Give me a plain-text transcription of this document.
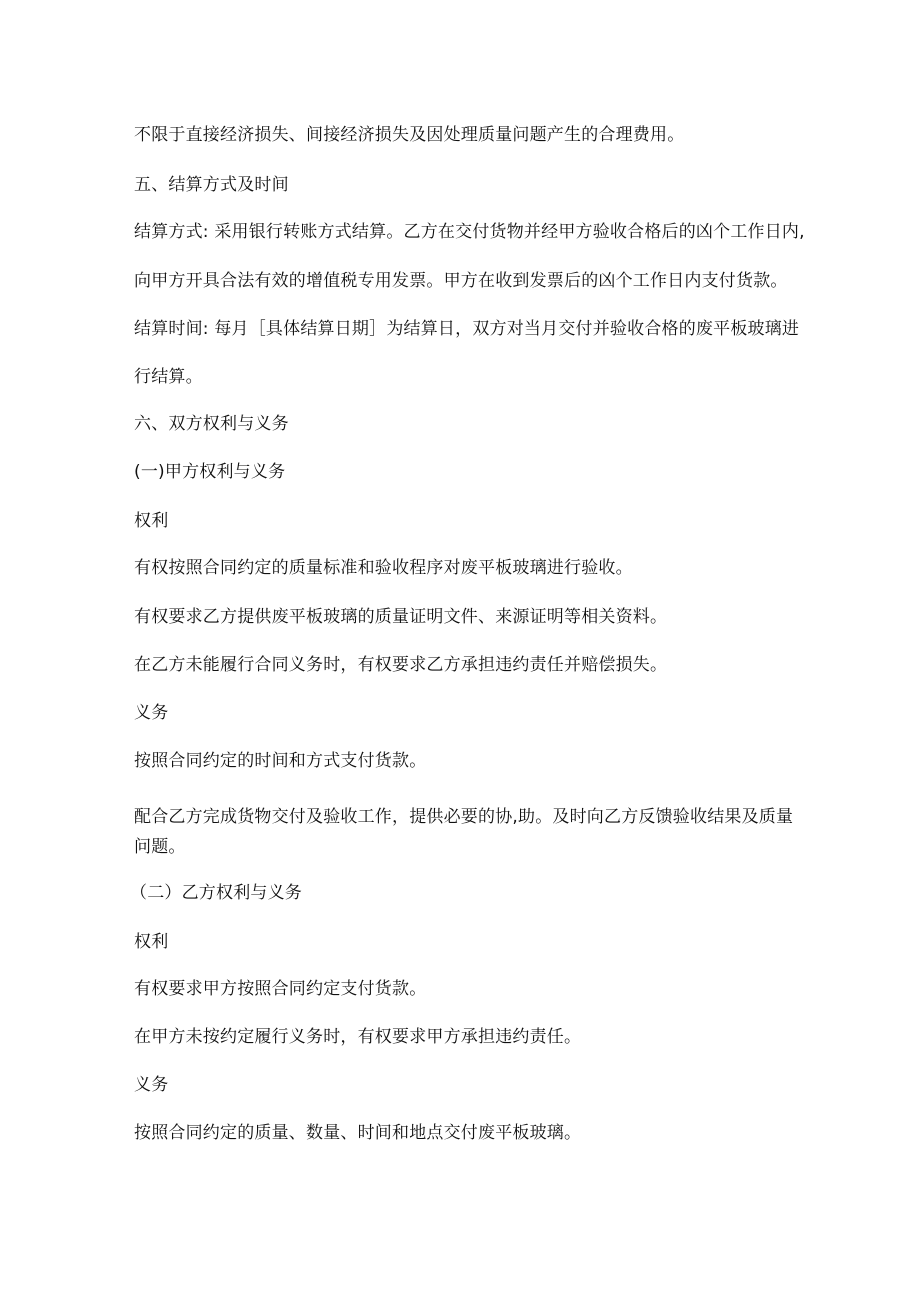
不限于直接经济损失、间接经济损失及因处理质量问题产生的合理费用。
五、结算方式及时间
结算方式: 采用银行转账方式结算。乙方在交付货物并经甲方验收合格后的凶个工作日内,
向甲方开具合法有效的增值税专用发票。甲方在收到发票后的凶个工作日内支付货款。
结算时间: 每月［具体结算日期］为结算日，双方对当月交付并验收合格的废平板玻璃进
行结算。
六、双方权利与义务
(一)甲方权利与义务
权利
有权按照合同约定的质量标准和验收程序对废平板玻璃进行验收。
有权要求乙方提供废平板玻璃的质量证明文件、来源证明等相关资料。
在乙方未能履行合同义务时，有权要求乙方承担违约责任并赔偿损失。
义务
按照合同约定的时间和方式支付货款。
配合乙方完成货物交付及验收工作，提供必要的协,助。及时向乙方反馈验收结果及质量
问题。
（二）乙方权利与义务
权利
有权要求甲方按照合同约定支付货款。
在甲方未按约定履行义务时，有权要求甲方承担违约责任。
义务
按照合同约定的质量、数量、时间和地点交付废平板玻璃。
